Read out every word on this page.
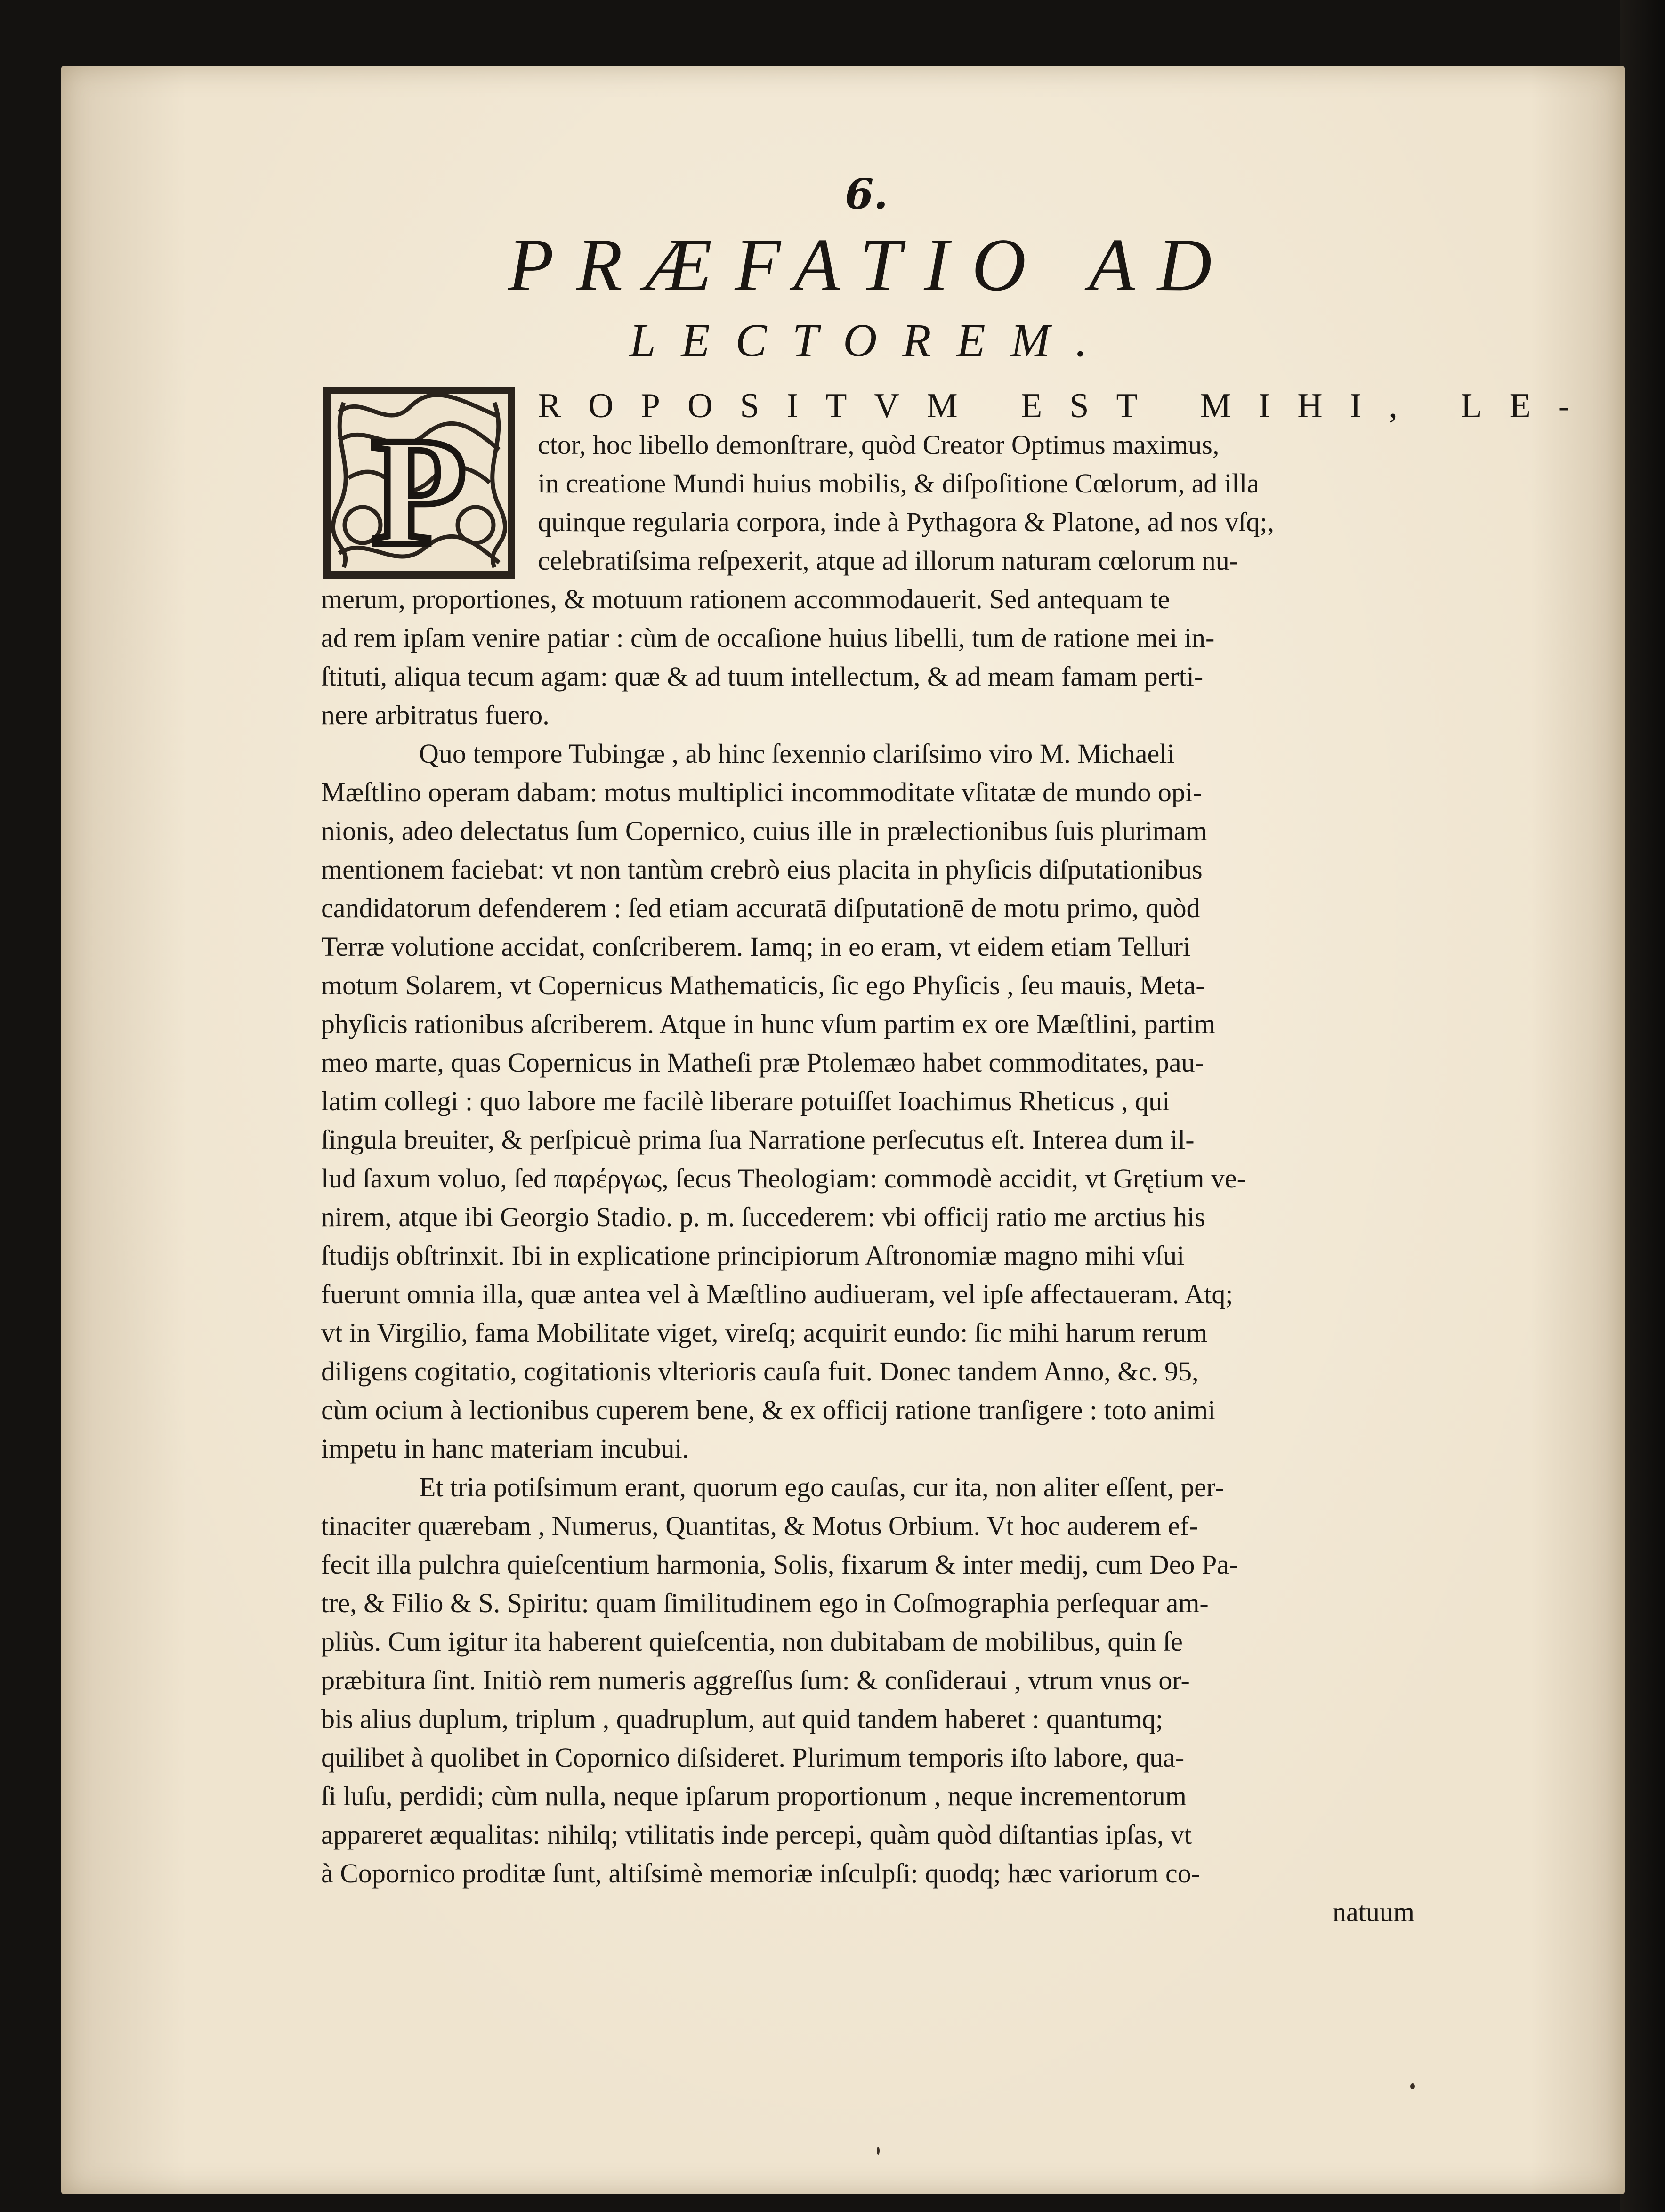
6.
PRÆFATIO AD
LECTOREM.
P ROPOSITVM EST MIHI, LE-
ctor, hoc libello demonſtrare, quòd Creator Optimus maximus,
in creatione Mundi huius mobilis, & diſpoſitione Cœlorum, ad illa
quinque regularia corpora, inde à Pythagora & Platone, ad nos vſq;,
celebratiſsima reſpexerit, atque ad illorum naturam cœlorum nu-
merum, proportiones, & motuum rationem accommodauerit. Sed antequam te
ad rem ipſam venire patiar : cùm de occaſione huius libelli, tum de ratione mei in-
ſtituti, aliqua tecum agam: quæ & ad tuum intellectum, & ad meam famam perti-
nere arbitratus fuero.
Quo tempore Tubingæ , ab hinc ſexennio clariſsimo viro M. Michaeli
Mæſtlino operam dabam: motus multiplici incommoditate vſitatæ de mundo opi-
nionis, adeo delectatus ſum Copernico, cuius ille in prælectionibus ſuis plurimam
mentionem faciebat: vt non tantùm crebrò eius placita in phyſicis diſputationibus
candidatorum defenderem : ſed etiam accuratā diſputationē de motu primo, quòd
Terræ volutione accidat, conſcriberem. Iamq; in eo eram, vt eidem etiam Telluri
motum Solarem, vt Copernicus Mathematicis, ſic ego Phyſicis , ſeu mauis, Meta-
phyſicis rationibus aſcriberem. Atque in hunc vſum partim ex ore Mæſtlini, partim
meo marte, quas Copernicus in Matheſi præ Ptolemæo habet commoditates, pau-
latim collegi : quo labore me facilè liberare potuiſſet Ioachimus Rheticus , qui
ſingula breuiter, & perſpicuè prima ſua Narratione perſecutus eſt. Interea dum il-
lud ſaxum voluo, ſed παρέργως, ſecus Theologiam: commodè accidit, vt Grętium ve-
nirem, atque ibi Georgio Stadio. p. m. ſuccederem: vbi officij ratio me arctius his
ſtudijs obſtrinxit. Ibi in explicatione principiorum Aſtronomiæ magno mihi vſui
fuerunt omnia illa, quæ antea vel à Mæſtlino audiueram, vel ipſe affectaueram. Atq;
vt in Virgilio, fama Mobilitate viget, vireſq; acquirit eundo: ſic mihi harum rerum
diligens cogitatio, cogitationis vlterioris cauſa fuit. Donec tandem Anno, &c. 95,
cùm ocium à lectionibus cuperem bene, & ex officij ratione tranſigere : toto animi
impetu in hanc materiam incubui.
Et tria potiſsimum erant, quorum ego cauſas, cur ita, non aliter eſſent, per-
tinaciter quærebam , Numerus, Quantitas, & Motus Orbium. Vt hoc auderem ef-
fecit illa pulchra quieſcentium harmonia, Solis, fixarum & inter medij, cum Deo Pa-
tre, & Filio & S. Spiritu: quam ſimilitudinem ego in Coſmographia perſequar am-
pliùs. Cum igitur ita haberent quieſcentia, non dubitabam de mobilibus, quin ſe
præbitura ſint. Initiò rem numeris aggreſſus ſum: & conſideraui , vtrum vnus or-
bis alius duplum, triplum , quadruplum, aut quid tandem haberet : quantumq;
quilibet à quolibet in Copornico diſsideret. Plurimum temporis iſto labore, qua-
ſi luſu, perdidi; cùm nulla, neque ipſarum proportionum , neque incrementorum
appareret æqualitas: nihilq; vtilitatis inde percepi, quàm quòd diſtantias ipſas, vt
à Copornico proditæ ſunt, altiſsimè memoriæ inſculpſi: quodq; hæc variorum co-
natuum
